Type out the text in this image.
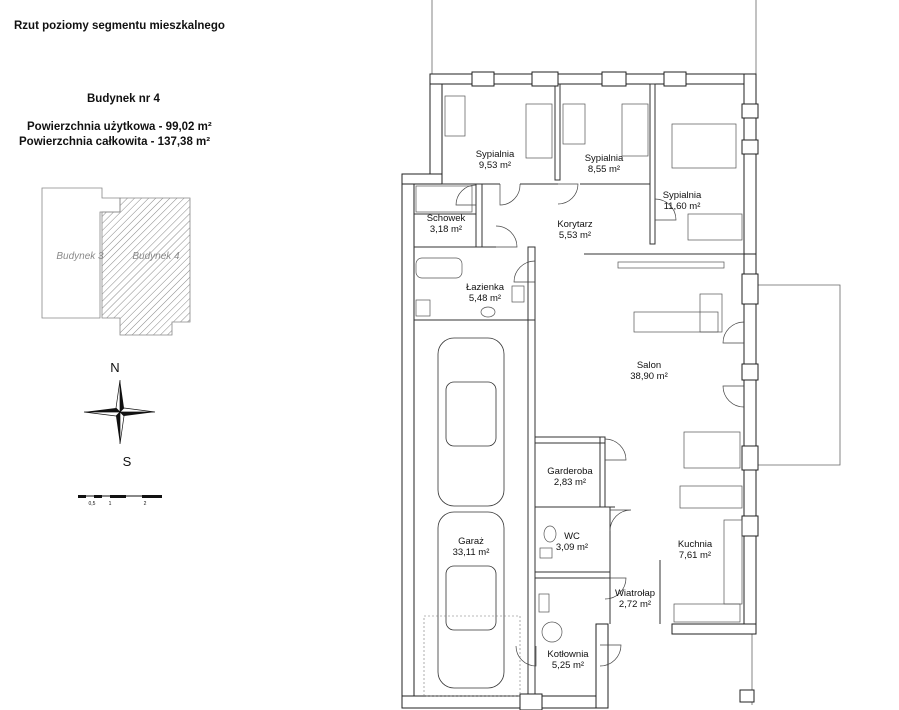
Rzut poziomy segmentu mieszkalnego
Budynek nr 4
Powierzchnia użytkowa - 99,02 m²
Powierzchnia całkowita - 137,38 m²
Budynek 3	Budynek 4
N
S
0,5	1	2
Sypialnia
9,53 m²
Sypialnia
8,55 m²
Sypialnia
11,60 m²
Schowek
3,18 m²	Korytarz
5,53 m²
Łazienka
5,48 m²
Salon
38,90 m²
Garderoba
2,83 m²
WC
3,09 m²	Kuchnia
7,61 m²
Garaż
33,11 m²
Wiatrołap
2,72 m²
Kotłownia
5,25 m²
